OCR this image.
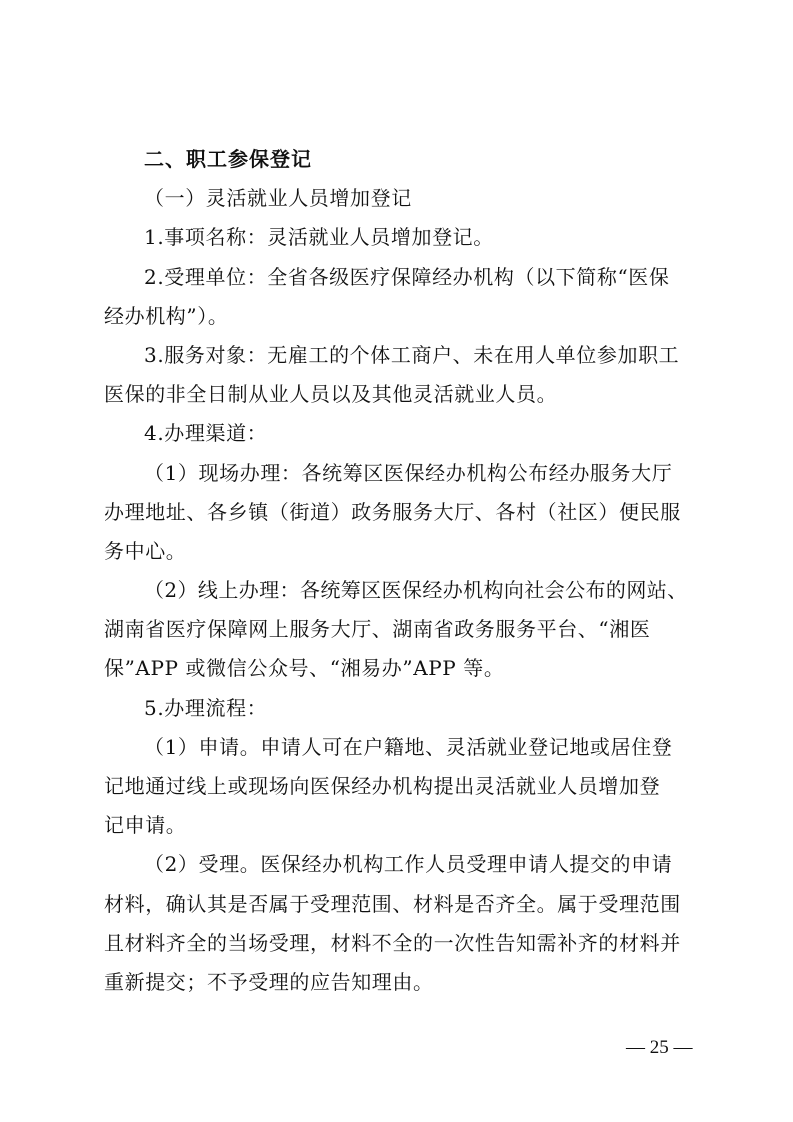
二、职工参保登记
（一）灵活就业人员增加登记
1.事项名称：灵活就业人员增加登记。
2.受理单位：全省各级医疗保障经办机构（以下简称“医保
经办机构”）。
3.服务对象：无雇工的个体工商户、未在用人单位参加职工
医保的非全日制从业人员以及其他灵活就业人员。
4.办理渠道：
（1）现场办理：各统筹区医保经办机构公布经办服务大厅
办理地址、各乡镇（街道）政务服务大厅、各村（社区）便民服
务中心。
（2）线上办理：各统筹区医保经办机构向社会公布的网站、
湖南省医疗保障网上服务大厅、湖南省政务服务平台、“湘医
保”APP 或微信公众号、“湘易办”APP 等。
5.办理流程：
（1）申请。申请人可在户籍地、灵活就业登记地或居住登
记地通过线上或现场向医保经办机构提出灵活就业人员增加登
记申请。
（2）受理。医保经办机构工作人员受理申请人提交的申请
材料，确认其是否属于受理范围、材料是否齐全。属于受理范围
且材料齐全的当场受理，材料不全的一次性告知需补齐的材料并
重新提交；不予受理的应告知理由。
— 25 —
